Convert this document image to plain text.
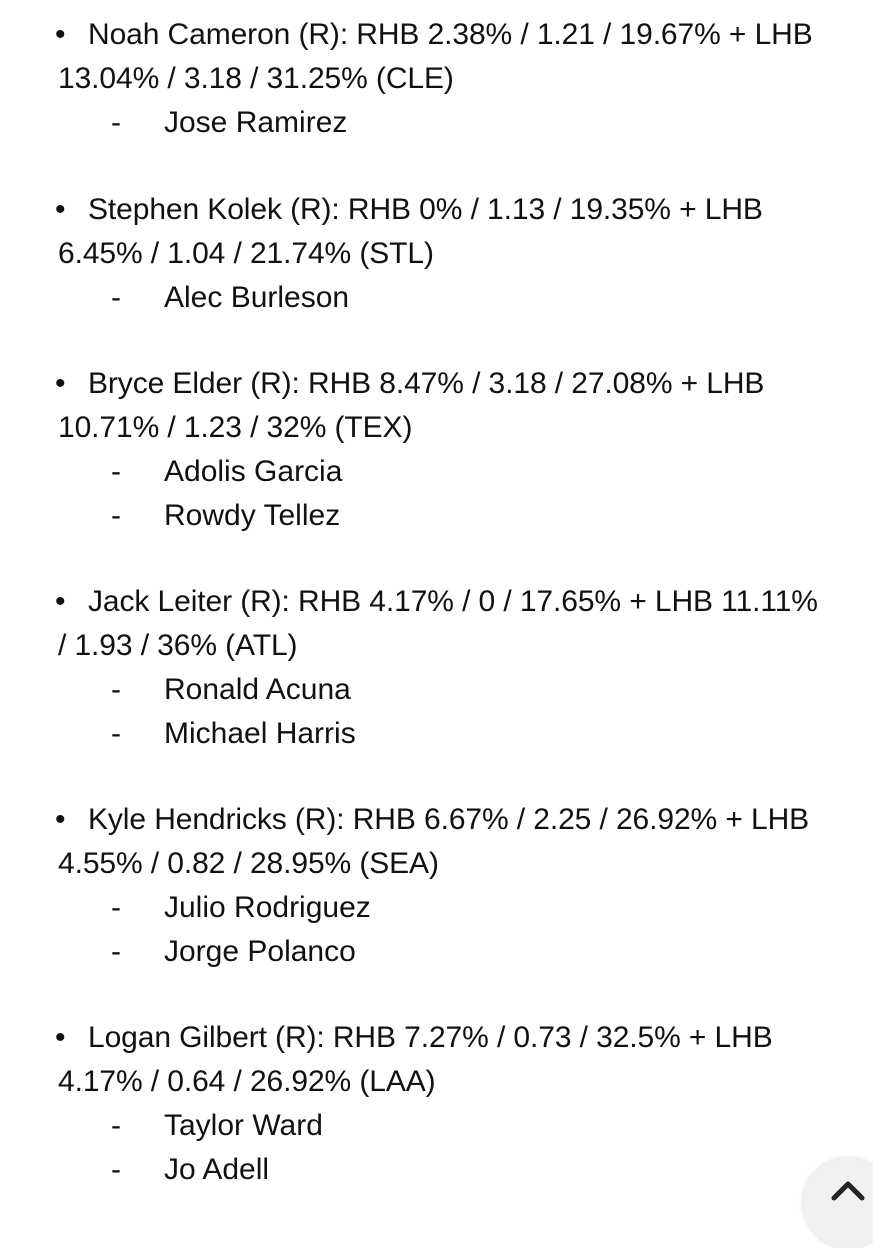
• Noah Cameron (R): RHB 2.38% / 1.21 / 19.67% + LHB 13.04% / 3.18 / 31.25% (CLE)
- Jose Ramirez
• Stephen Kolek (R): RHB 0% / 1.13 / 19.35% + LHB 6.45% / 1.04 / 21.74% (STL)
- Alec Burleson
• Bryce Elder (R): RHB 8.47% / 3.18 / 27.08% + LHB 10.71% / 1.23 / 32% (TEX)
- Adolis Garcia
- Rowdy Tellez
• Jack Leiter (R): RHB 4.17% / 0 / 17.65% + LHB 11.11% / 1.93 / 36% (ATL)
- Ronald Acuna
- Michael Harris
• Kyle Hendricks (R): RHB 6.67% / 2.25 / 26.92% + LHB 4.55% / 0.82 / 28.95% (SEA)
- Julio Rodriguez
- Jorge Polanco
• Logan Gilbert (R): RHB 7.27% / 0.73 / 32.5% + LHB 4.17% / 0.64 / 26.92% (LAA)
- Taylor Ward
- Jo Adell
